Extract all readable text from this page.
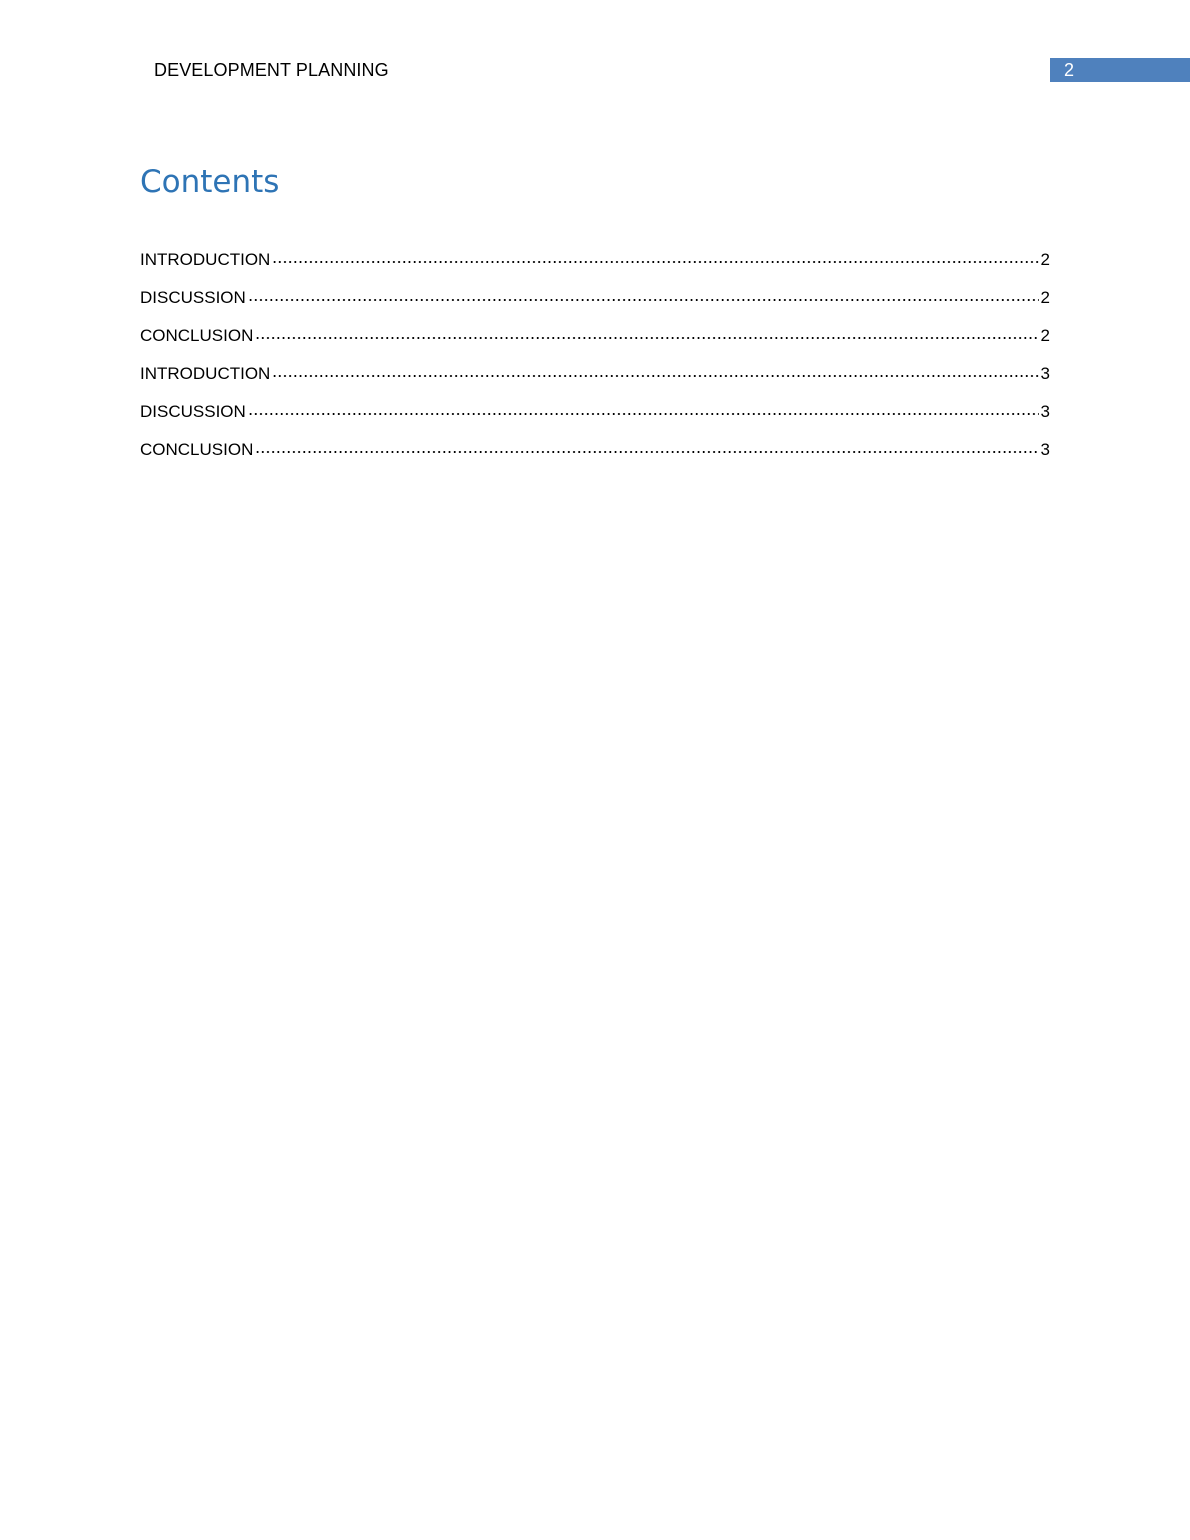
DEVELOPMENT PLANNING	2
Contents
INTRODUCTION	2
DISCUSSION	2
CONCLUSION	2
INTRODUCTION	3
DISCUSSION	3
CONCLUSION	3
